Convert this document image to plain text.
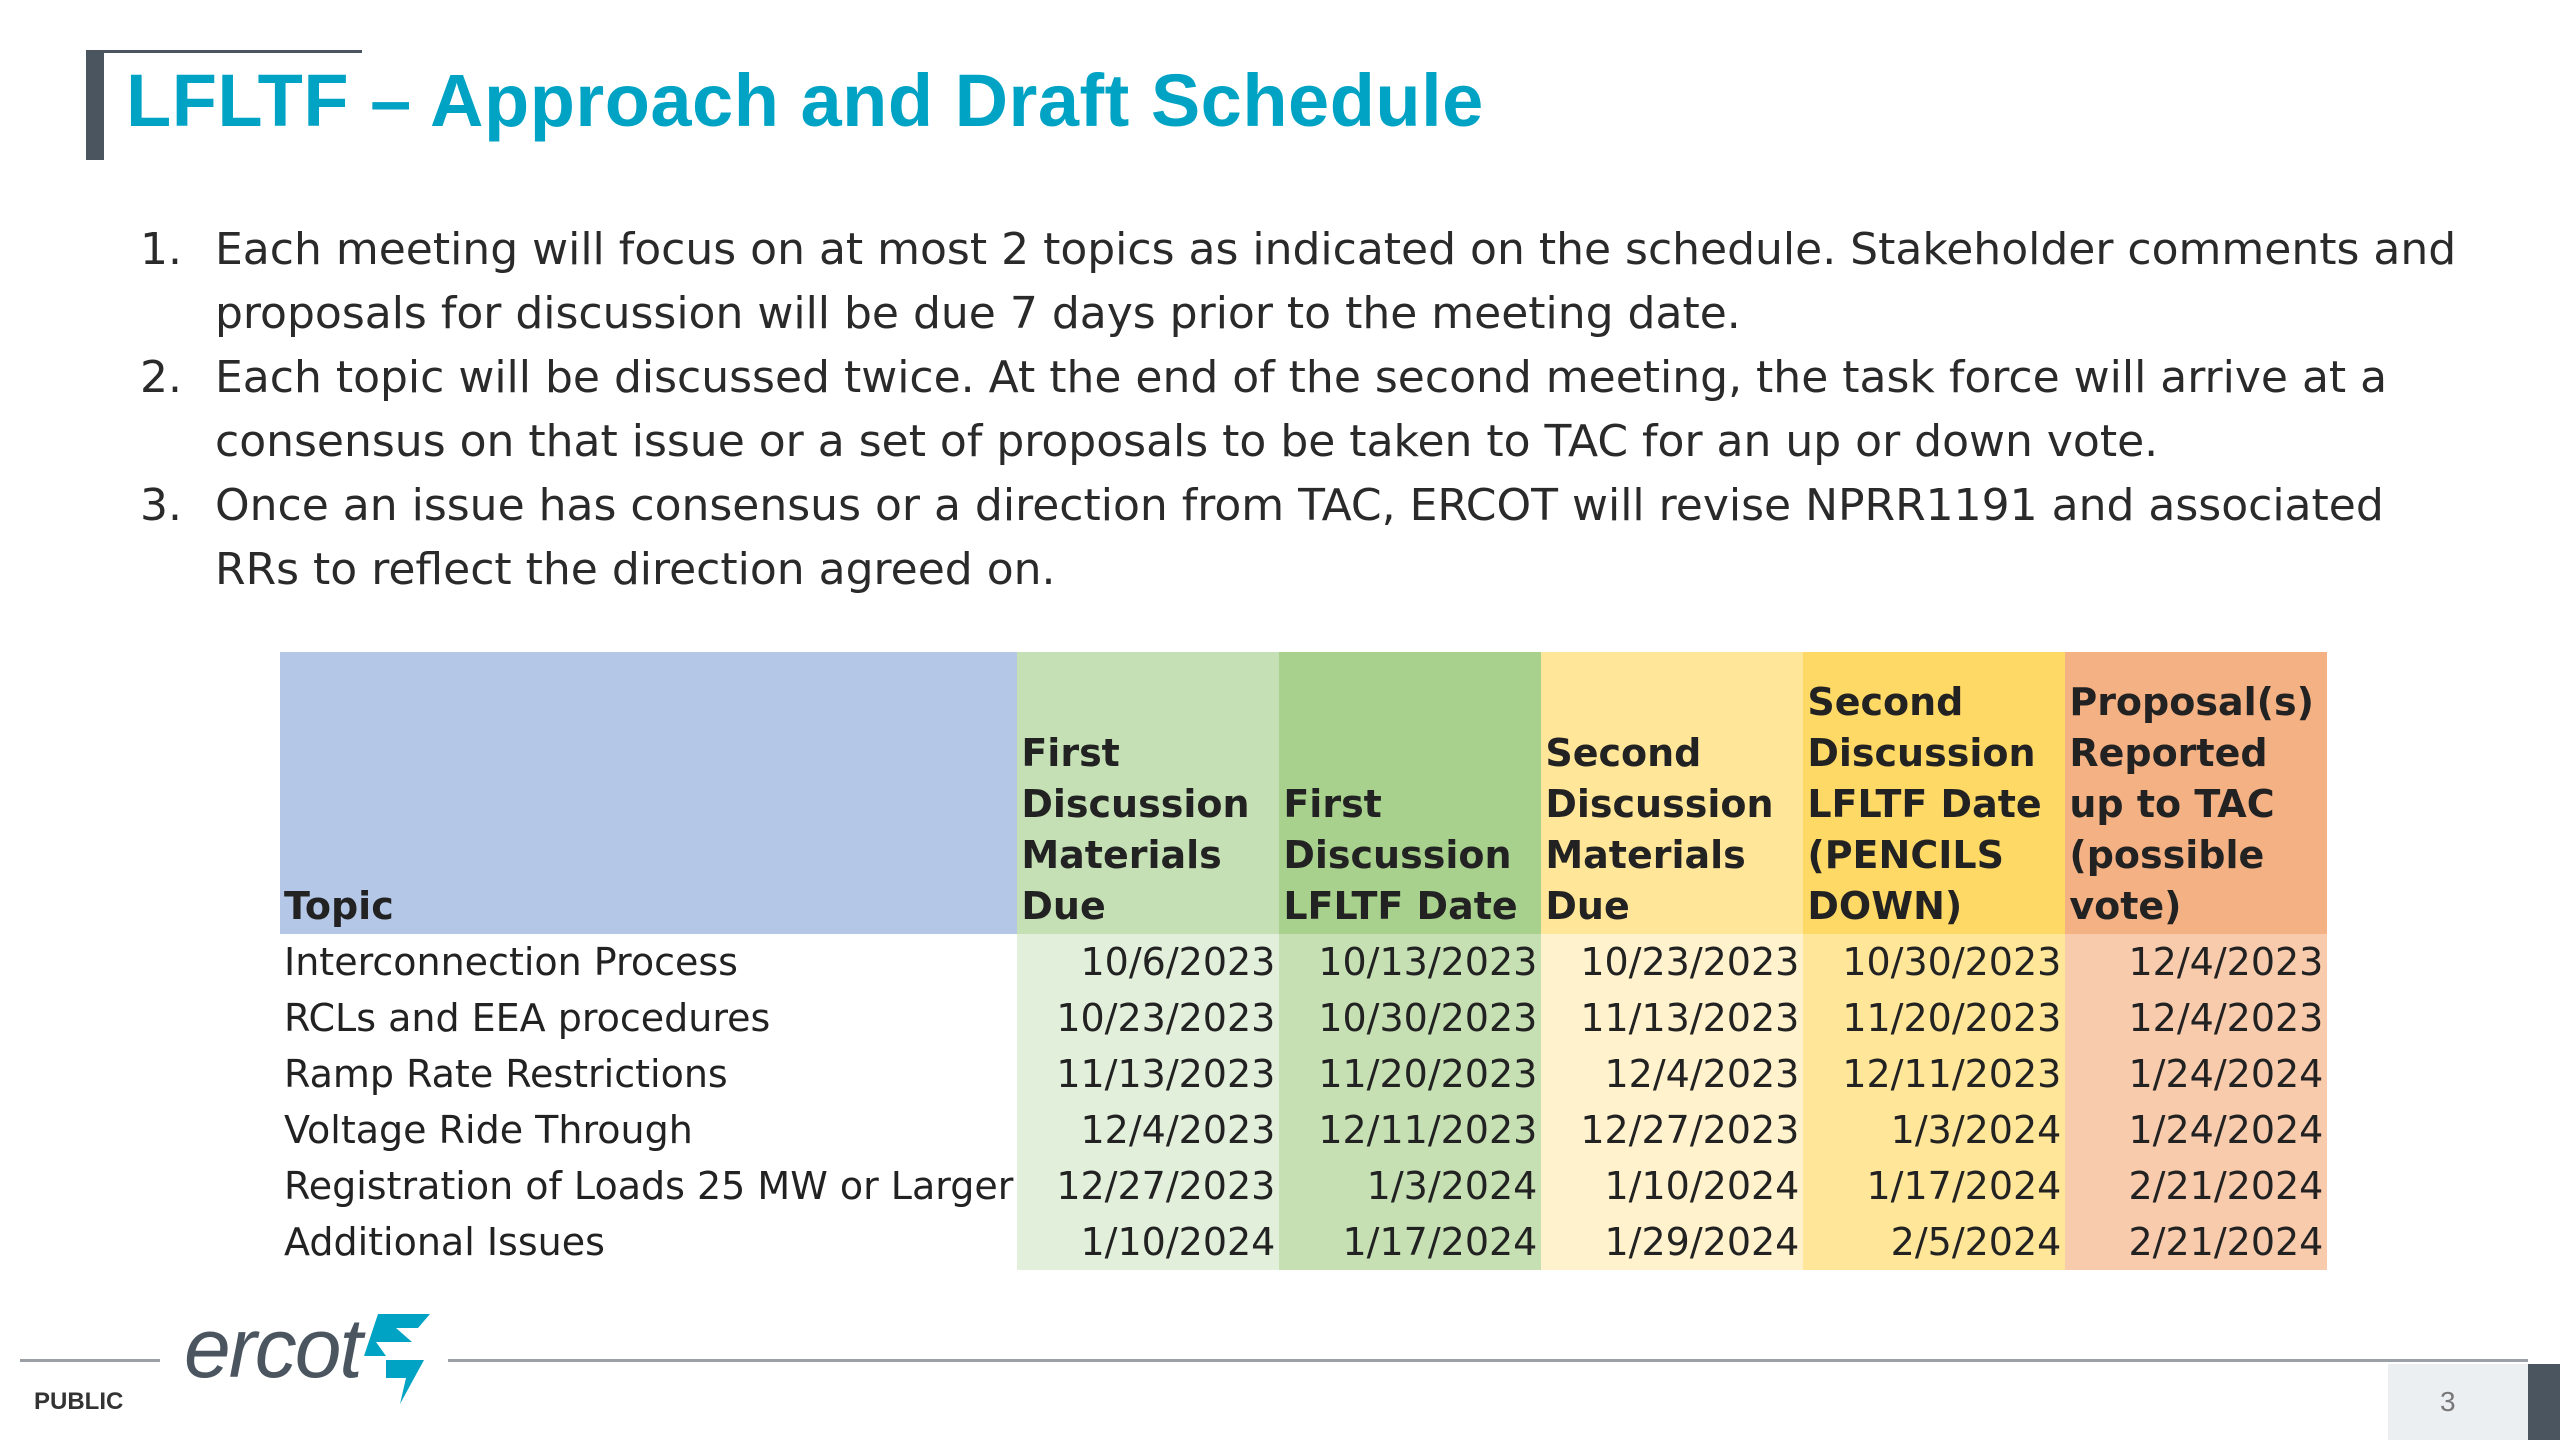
LFLTF – Approach and Draft Schedule
1. Each meeting will focus on at most 2 topics as indicated on the schedule. Stakeholder comments and proposals for discussion will be due 7 days prior to the meeting date.
2. Each topic will be discussed twice. At the end of the second meeting, the task force will arrive at a consensus on that issue or a set of proposals to be taken to TAC for an up or down vote.
3. Once an issue has consensus or a direction from TAC, ERCOT will revise NPRR1191 and associated RRs to reflect the direction agreed on.
Topic	First Discussion Materials Due	First Discussion LFLTF Date	Second Discussion Materials Due	Second Discussion LFLTF Date (PENCILS DOWN)	Proposal(s) Reported up to TAC (possible vote)
Interconnection Process	10/6/2023	10/13/2023	10/23/2023	10/30/2023	12/4/2023
RCLs and EEA procedures	10/23/2023	10/30/2023	11/13/2023	11/20/2023	12/4/2023
Ramp Rate Restrictions	11/13/2023	11/20/2023	12/4/2023	12/11/2023	1/24/2024
Voltage Ride Through	12/4/2023	12/11/2023	12/27/2023	1/3/2024	1/24/2024
Registration of Loads 25 MW or Larger	12/27/2023	1/3/2024	1/10/2024	1/17/2024	2/21/2024
Additional Issues	1/10/2024	1/17/2024	1/29/2024	2/5/2024	2/21/2024
ercot
PUBLIC	3
